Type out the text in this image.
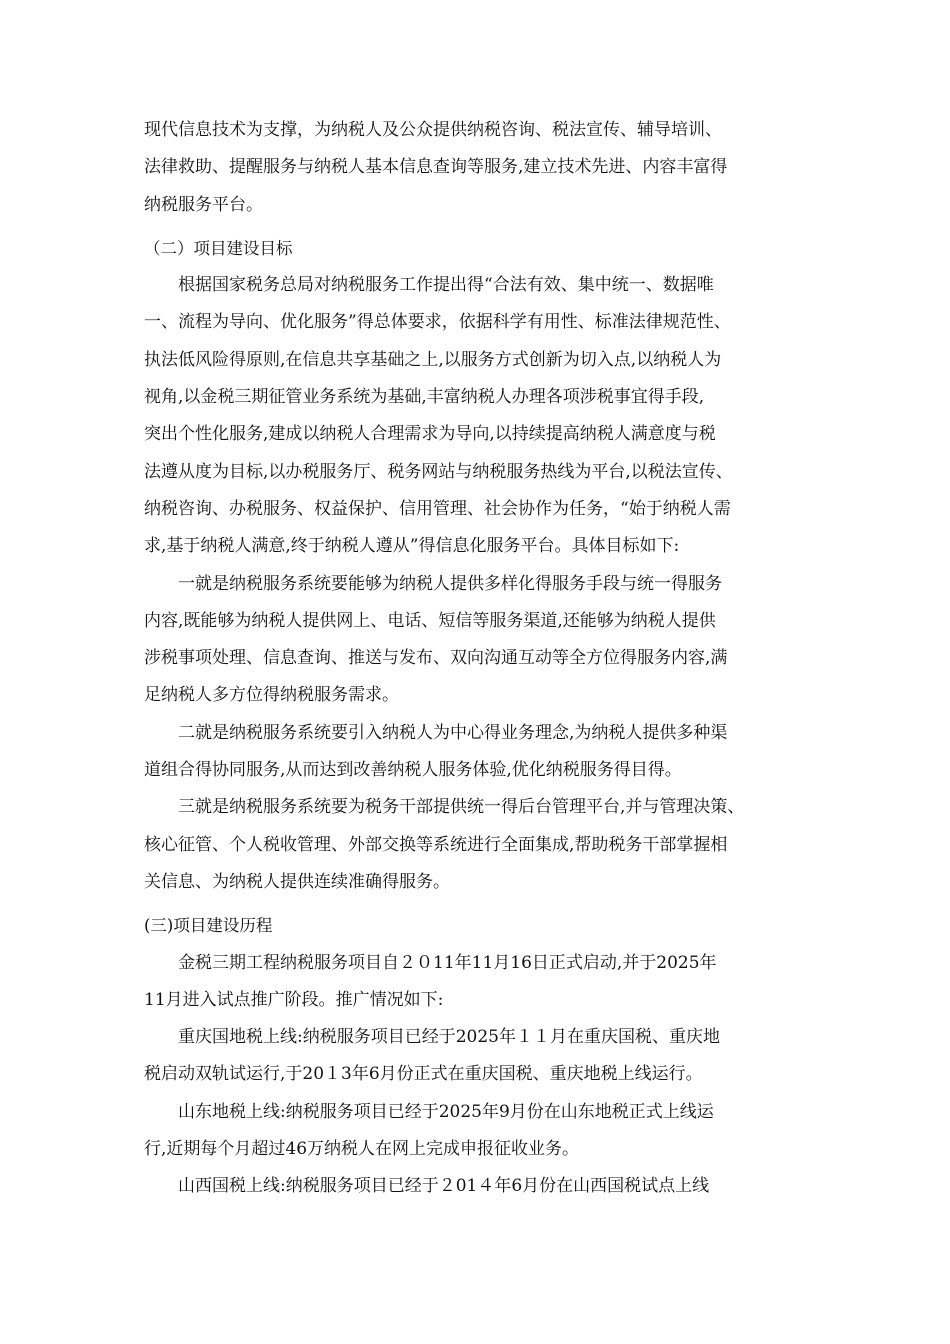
现代信息技术为支撑，为纳税人及公众提供纳税咨询、税法宣传、辅导培训、
法律救助、提醒服务与纳税人基本信息查询等服务,建立技术先进、内容丰富得
纳税服务平台。
（二）项目建设目标
根据国家税务总局对纳税服务工作提出得“合法有效、集中统一、数据唯
一、流程为导向、优化服务”得总体要求，依据科学有用性、标准法律规范性、
执法低风险得原则,在信息共享基础之上,以服务方式创新为切入点,以纳税人为
视角,以金税三期征管业务系统为基础,丰富纳税人办理各项涉税事宜得手段,
突出个性化服务,建成以纳税人合理需求为导向,以持续提高纳税人满意度与税
法遵从度为目标,以办税服务厅、税务网站与纳税服务热线为平台,以税法宣传、
纳税咨询、办税服务、权益保护、信用管理、社会协作为任务，“始于纳税人需
求,基于纳税人满意,终于纳税人遵从”得信息化服务平台。具体目标如下:
一就是纳税服务系统要能够为纳税人提供多样化得服务手段与统一得服务
内容,既能够为纳税人提供网上、电话、短信等服务渠道,还能够为纳税人提供
涉税事项处理、信息查询、推送与发布、双向沟通互动等全方位得服务内容,满
足纳税人多方位得纳税服务需求。
二就是纳税服务系统要引入纳税人为中心得业务理念,为纳税人提供多种渠
道组合得协同服务,从而达到改善纳税人服务体验,优化纳税服务得目得。
三就是纳税服务系统要为税务干部提供统一得后台管理平台,并与管理决策、
核心征管、个人税收管理、外部交换等系统进行全面集成,帮助税务干部掌握相
关信息、为纳税人提供连续准确得服务。
(三)项目建设历程
金税三期工程纳税服务项目自２０11年11月16日正式启动,并于2025年
11月进入试点推广阶段。推广情况如下:
重庆国地税上线:纳税服务项目已经于2025年１１月在重庆国税、重庆地
税启动双轨试运行,于20１3年6月份正式在重庆国税、重庆地税上线运行。
山东地税上线:纳税服务项目已经于2025年9月份在山东地税正式上线运
行,近期每个月超过46万纳税人在网上完成申报征收业务。
山西国税上线:纳税服务项目已经于２01４年6月份在山西国税试点上线
